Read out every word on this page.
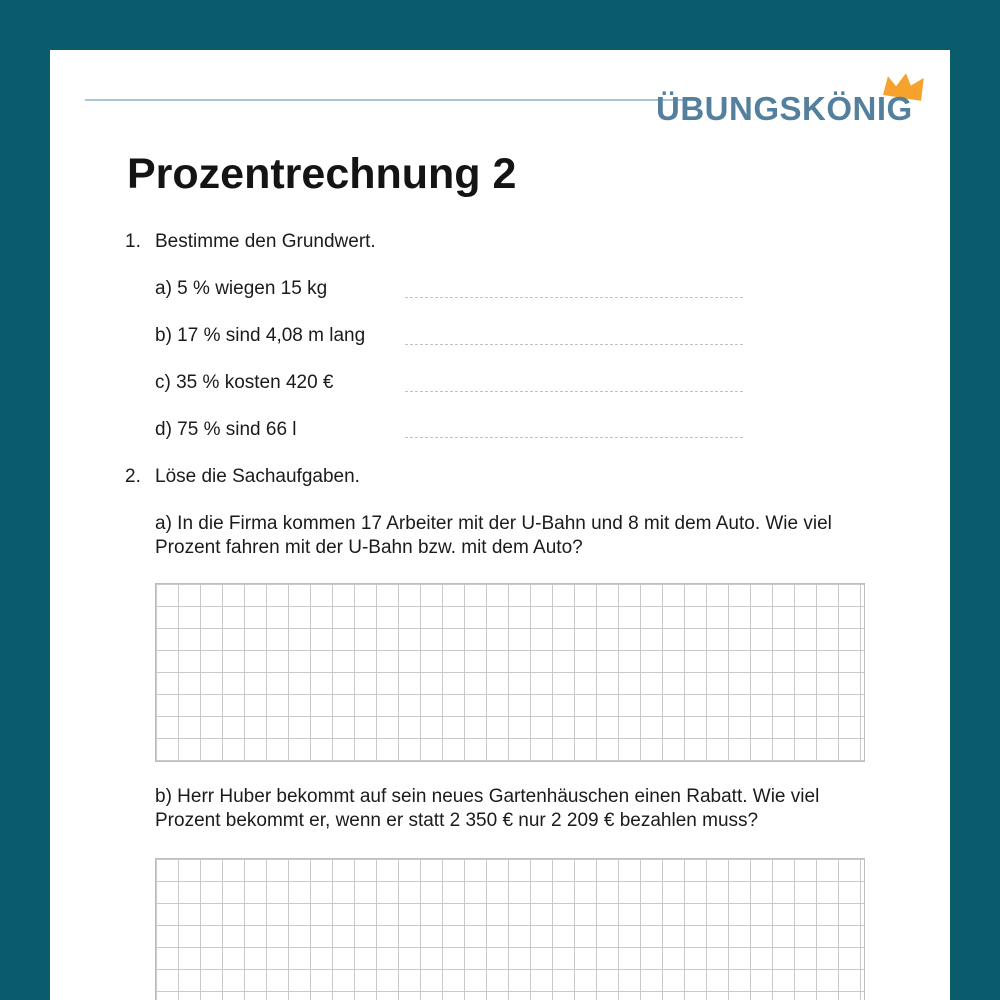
ÜBUNGSKÖNIG
Prozentrechnung 2
1. Bestimme den Grundwert.
a) 5 % wiegen 15 kg
b) 17 % sind 4,08 m lang
c) 35 % kosten 420 €
d) 75 % sind 66 l
2. Löse die Sachaufgaben.
a) In die Firma kommen 17 Arbeiter mit der U-Bahn und 8 mit dem Auto. Wie viel
Prozent fahren mit der U-Bahn bzw. mit dem Auto?
b) Herr Huber bekommt auf sein neues Gartenhäuschen einen Rabatt. Wie viel
Prozent bekommt er, wenn er statt 2 350 € nur 2 209 € bezahlen muss?
